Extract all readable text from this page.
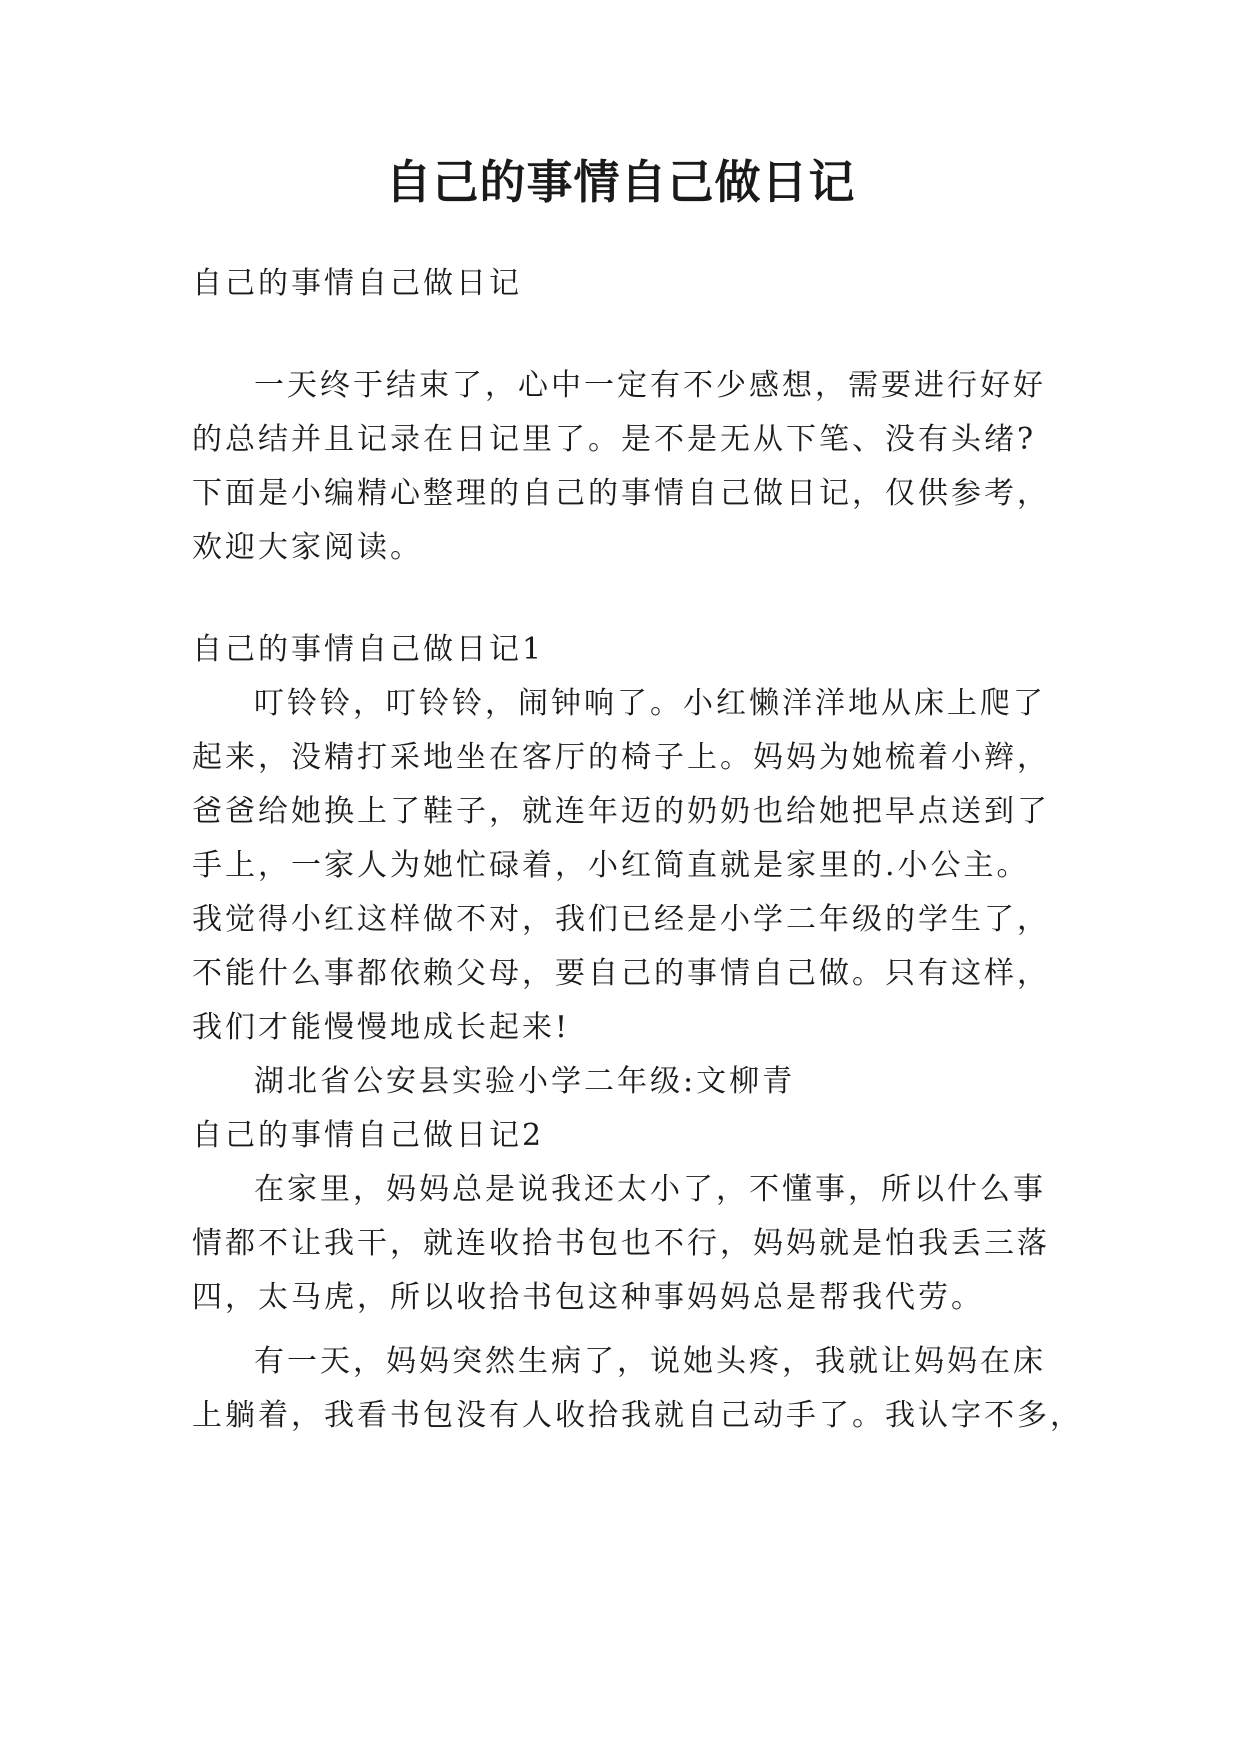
自己的事情自己做日记

自己的事情自己做日记

一天终于结束了，心中一定有不少感想，需要进行好好

的总结并且记录在日记里了。是不是无从下笔、没有头绪?

下面是小编精心整理的自己的事情自己做日记，仅供参考，

欢迎大家阅读。

自己的事情自己做日记1

叮铃铃，叮铃铃，闹钟响了。小红懒洋洋地从床上爬了

起来，没精打采地坐在客厅的椅子上。妈妈为她梳着小辫，

爸爸给她换上了鞋子，就连年迈的奶奶也给她把早点送到了

手上，一家人为她忙碌着，小红简直就是家里的.小公主。

我觉得小红这样做不对，我们已经是小学二年级的学生了，

不能什么事都依赖父母，要自己的事情自己做。只有这样，

我们才能慢慢地成长起来!

湖北省公安县实验小学二年级:文柳青

自己的事情自己做日记2

在家里，妈妈总是说我还太小了，不懂事，所以什么事

情都不让我干，就连收拾书包也不行，妈妈就是怕我丢三落

四，太马虎，所以收拾书包这种事妈妈总是帮我代劳。

有一天，妈妈突然生病了，说她头疼，我就让妈妈在床

上躺着，我看书包没有人收拾我就自己动手了。我认字不多，
